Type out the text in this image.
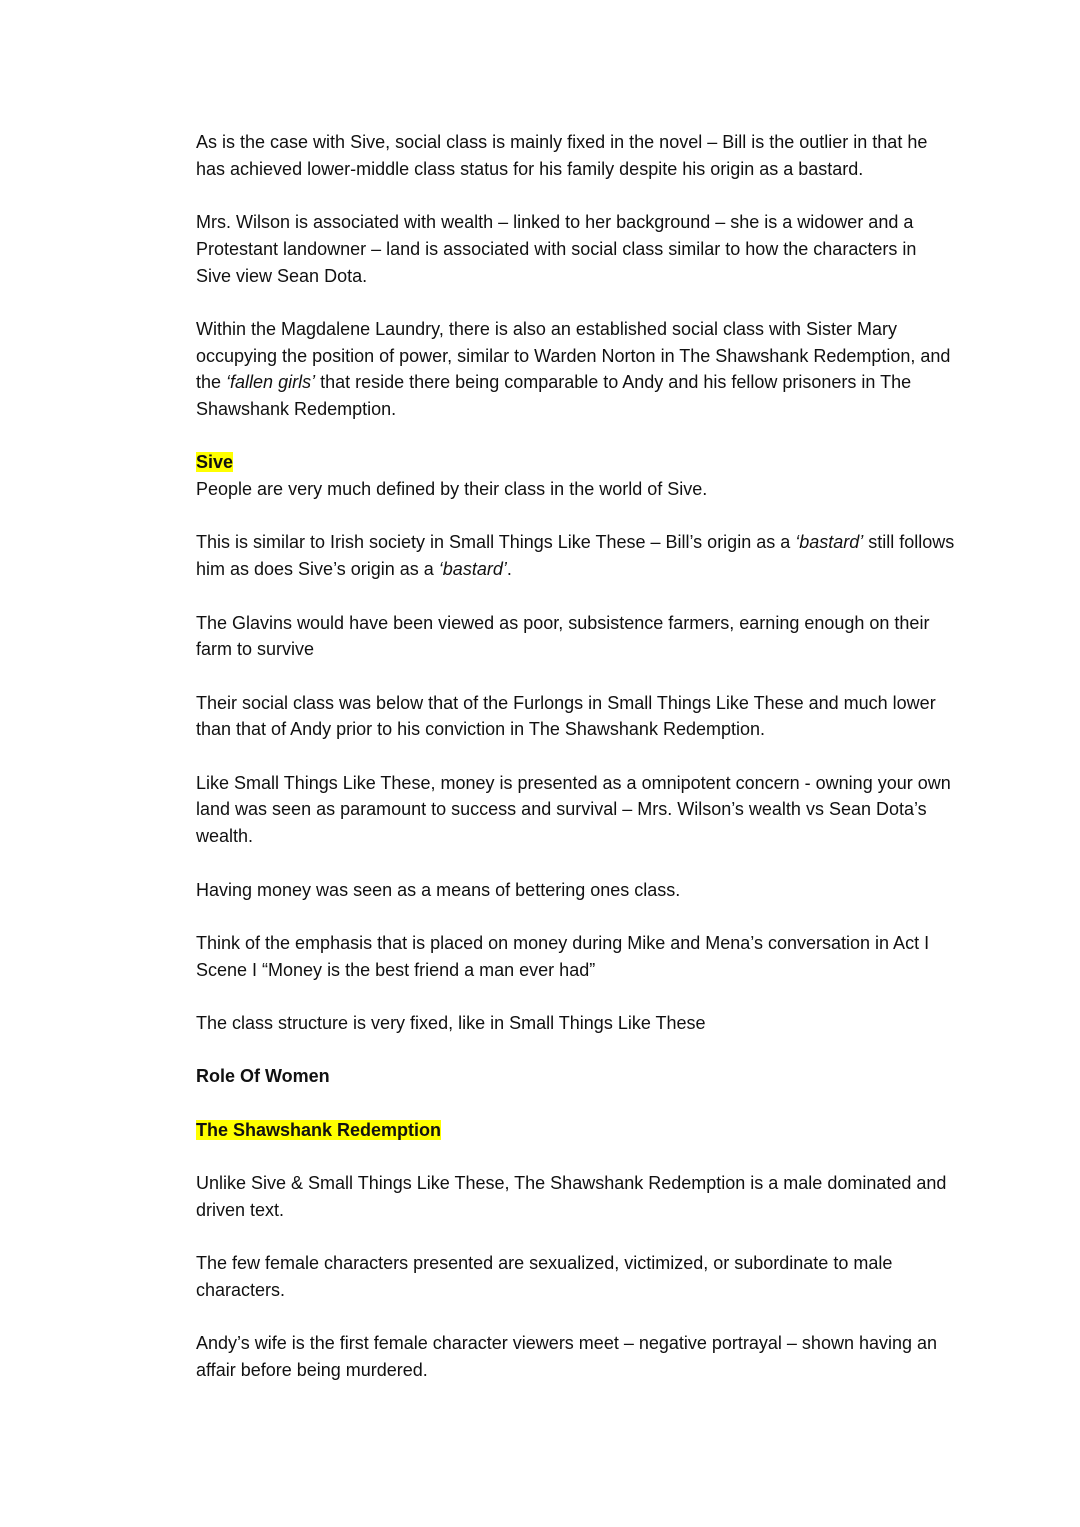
As is the case with Sive, social class is mainly fixed in the novel – Bill is the outlier in that he has achieved lower-middle class status for his family despite his origin as a bastard.

Mrs. Wilson is associated with wealth – linked to her background – she is a widower and a Protestant landowner – land is associated with social class similar to how the characters in Sive view Sean Dota.

Within the Magdalene Laundry, there is also an established social class with Sister Mary occupying the position of power, similar to Warden Norton in The Shawshank Redemption, and the ‘fallen girls’ that reside there being comparable to Andy and his fellow prisoners in The Shawshank Redemption.

Sive

People are very much defined by their class in the world of Sive.

This is similar to Irish society in Small Things Like These – Bill’s origin as a ‘bastard’ still follows him as does Sive’s origin as a ‘bastard’.

The Glavins would have been viewed as poor, subsistence farmers, earning enough on their farm to survive

Their social class was below that of the Furlongs in Small Things Like These and much lower than that of Andy prior to his conviction in The Shawshank Redemption.

Like Small Things Like These, money is presented as a omnipotent concern - owning your own land was seen as paramount to success and survival – Mrs. Wilson’s wealth vs Sean Dota’s wealth.

Having money was seen as a means of bettering ones class.

Think of the emphasis that is placed on money during Mike and Mena’s conversation in Act I Scene I “Money is the best friend a man ever had”

The class structure is very fixed, like in Small Things Like These

Role Of Women

The Shawshank Redemption

Unlike Sive & Small Things Like These, The Shawshank Redemption is a male dominated and driven text.

The few female characters presented are sexualized, victimized, or subordinate to male characters.

Andy’s wife is the first female character viewers meet – negative portrayal – shown having an affair before being murdered.
